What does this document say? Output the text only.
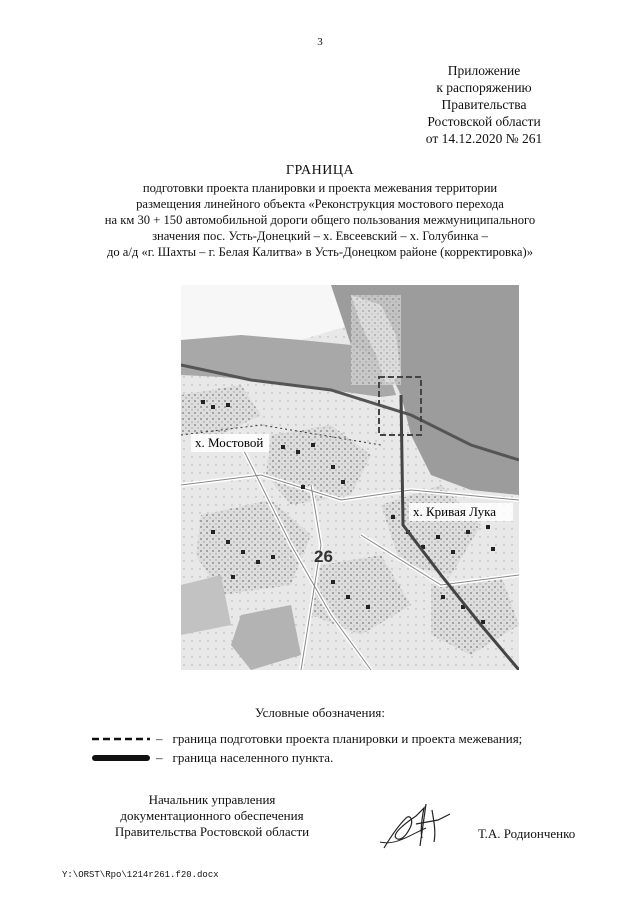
3
Приложение
к распоряжению
Правительства
Ростовской области
от 14.12.2020 № 261
ГРАНИЦА
подготовки проекта планировки и проекта межевания территории
размещения линейного объекта «Реконструкция мостового перехода
на км 30 + 150 автомобильной дороги общего пользования межмуниципального
значения пос. Усть-Донецкий – х. Евсеевский – х. Голубинка –
до а/д «г. Шахты – г. Белая Калитва» в Усть-Донецком районе (корректировка)»
х. Мостовой
х. Кривая Лука
26
Условные обозначения:
– граница подготовки проекта планировки и проекта межевания;
– граница населенного пункта.
Начальник управления
документационного обеспечения
Правительства Ростовской области	Т.А. Родионченко
Y:\ORST\Rpo\1214r261.f20.docx
